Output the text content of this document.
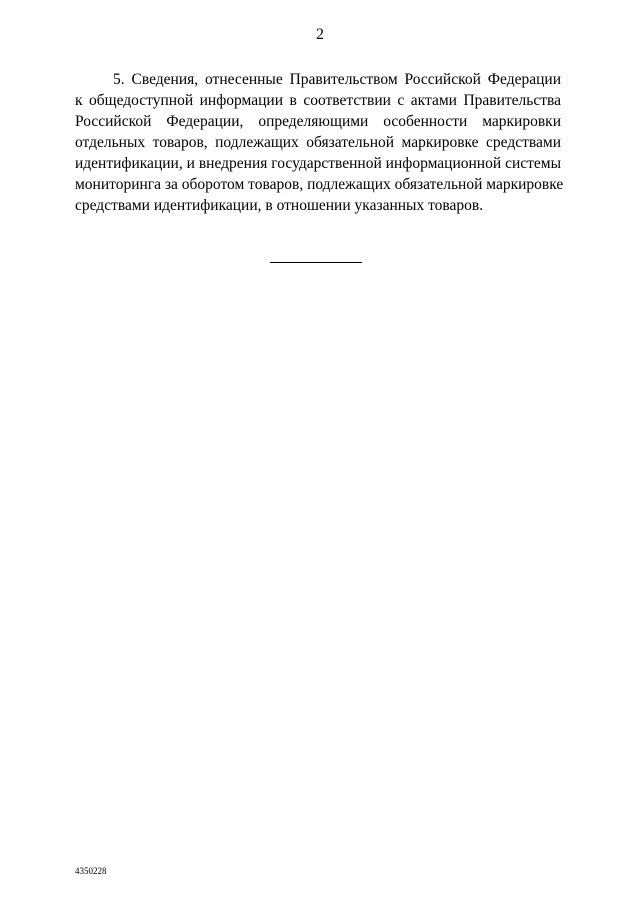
2
5. Сведения, отнесенные Правительством Российской Федерации
к общедоступной информации в соответствии с актами Правительства
Российской Федерации, определяющими особенности маркировки
отдельных товаров, подлежащих обязательной маркировке средствами
идентификации, и внедрения государственной информационной системы
мониторинга за оборотом товаров, подлежащих обязательной маркировке
средствами идентификации, в отношении указанных товаров.
4350228
